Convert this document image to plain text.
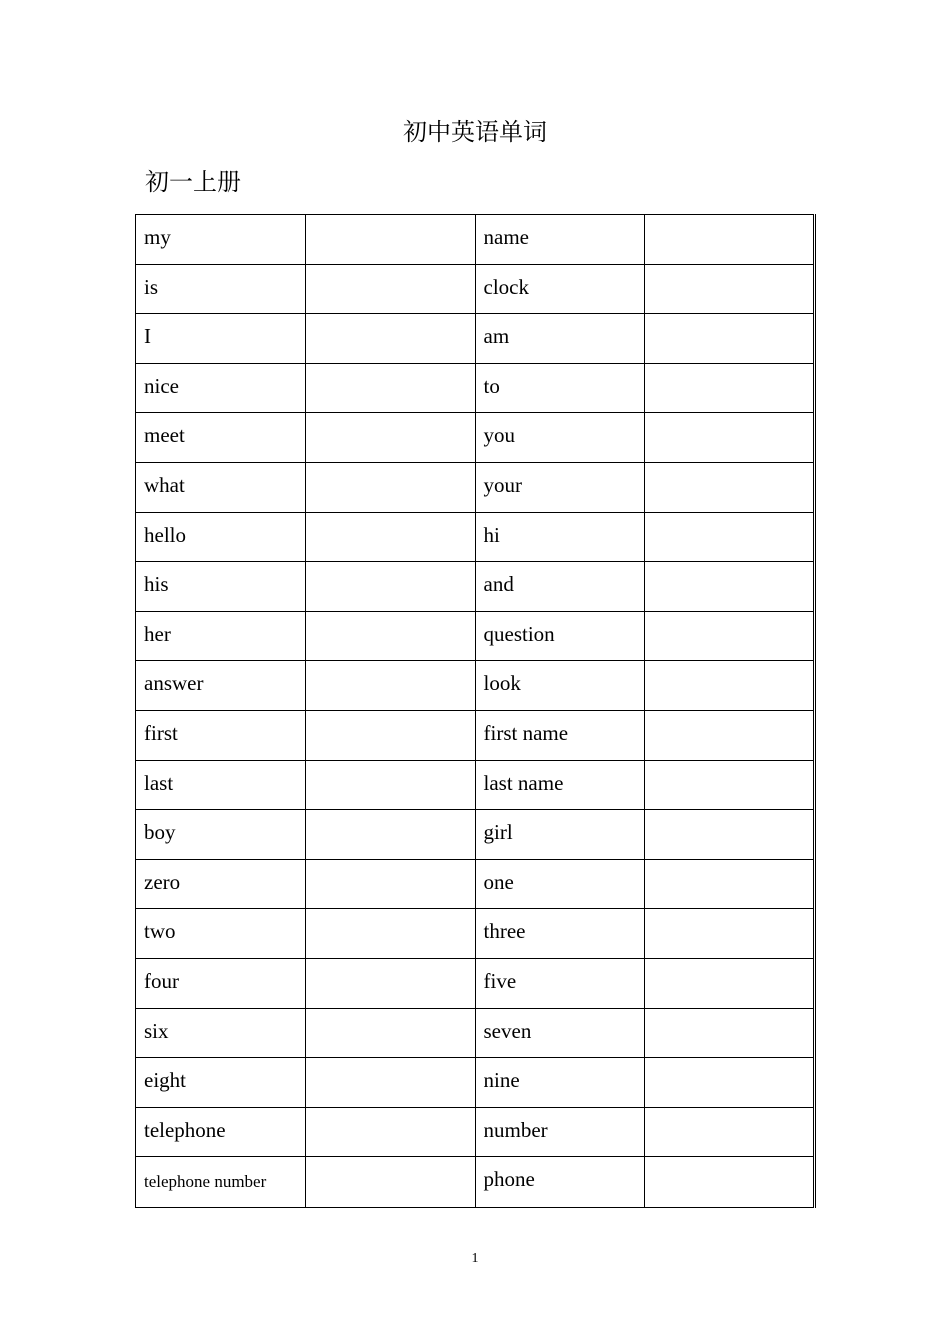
初中英语单词
初一上册
my		name	
is		clock	
I		am	
nice		to	
meet		you	
what		your	
hello		hi	
his		and	
her		question	
answer		look	
first		first name	
last		last name	
boy		girl	
zero		one	
two		three	
four		five	
six		seven	
eight		nine	
telephone		number	
telephone number		phone	
1
